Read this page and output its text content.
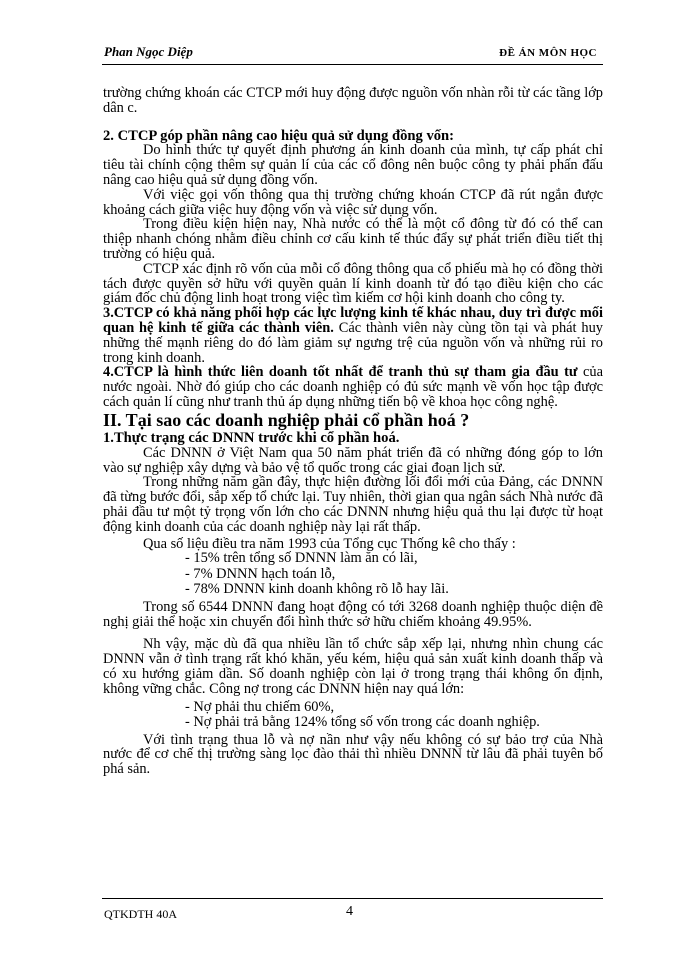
Phan Ngọc Diệp	ĐỀ ÁN MÔN HỌC

trường chứng khoán các CTCP mới huy động được nguồn vốn nhàn rỗi từ các tầng lớp dân c.

2. CTCP góp phần nâng cao hiệu quả sử dụng đồng vốn:

Do hình thức tự quyết định phương án kinh doanh của mình, tự cấp phát chỉ tiêu tài chính cộng thêm sự quản lí của các cổ đông nên buộc công ty phải phấn đấu nâng cao hiệu quả sử dụng đồng vốn.

Với việc gọi vốn thông qua thị trường chứng khoán CTCP đã rút ngắn được khoảng cách giữa việc huy động vốn và việc sử dụng vốn.

Trong điều kiện hiện nay, Nhà nước có thể là một cổ đông từ đó có thể can thiệp nhanh chóng nhằm điều chỉnh cơ cấu kinh tế thúc đẩy sự phát triển điều tiết thị trường có hiệu quả.

CTCP xác định rõ vốn của mỗi cổ đông thông qua cổ phiếu mà họ có đồng thời tách được quyền sở hữu với quyền quản lí kinh doanh từ đó tạo điều kiện cho các giám đốc chủ động linh hoạt trong việc tìm kiếm cơ hội kinh doanh cho công ty.

3.CTCP có khả năng phối hợp các lực lượng kinh tế khác nhau, duy trì được mối quan hệ kinh tế giữa các thành viên. Các thành viên này cùng tồn tại và phát huy những thế mạnh riêng do đó làm giảm sự ngưng trệ của nguồn vốn và những rủi ro trong kinh doanh.

4.CTCP là hình thức liên doanh tốt nhất để tranh thủ sự tham gia đầu tư của nước ngoài. Nhờ đó giúp cho các doanh nghiệp có đủ sức mạnh về vốn học tập được cách quản lí cũng như tranh thủ áp dụng những tiến bộ về khoa học công nghệ.

II. Tại sao các doanh nghiệp phải cổ phần hoá ?

1.Thực trạng các DNNN trước khi cổ phần hoá.

Các DNNN ở Việt Nam qua 50 năm phát triển đã có những đóng góp to lớn vào sự nghiệp xây dựng và bảo vệ tổ quốc trong các giai đoạn lịch sử.

Trong những năm gần đây, thực hiện đường lối đổi mới của Đảng, các DNNN đã từng bước đổi, sắp xếp tổ chức lại. Tuy nhiên, thời gian qua ngân sách Nhà nước đã phải đầu tư một tỷ trọng vốn lớn cho các DNNN nhưng hiệu quả thu lại được từ hoạt động kinh doanh của các doanh nghiệp này lại rất thấp.

Qua số liệu điều tra năm 1993 của Tổng cục Thống kê cho thấy :

- 15% trên tổng số DNNN làm ăn có lãi,

- 7% DNNN hạch toán lỗ,

- 78% DNNN kinh doanh không rõ lỗ hay lãi.

Trong số 6544 DNNN đang hoạt động có tới 3268 doanh nghiệp thuộc diện đề nghị giải thể hoặc xin chuyển đổi hình thức sở hữu chiếm khoảng 49.95%.

Nh vậy, mặc dù đã qua nhiều lần tổ chức sắp xếp lại, nhưng nhìn chung các DNNN vẫn ở tình trạng rất khó khăn, yếu kém, hiệu quả sản xuất kinh doanh thấp và có xu hướng giảm dần. Số doanh nghiệp còn lại ở trong trạng thái không ổn định, không vững chắc. Công nợ trong các DNNN hiện nay quá lớn:

- Nợ phải thu chiếm 60%,

- Nợ phải trả bằng 124% tổng số vốn trong các doanh nghiệp.

Với tình trạng thua lỗ và nợ nần như vậy nếu không có sự bảo trợ của Nhà nước để cơ chế thị trường sàng lọc đào thải thì nhiều DNNN từ lâu đã phải tuyên bố phá sản.

QTKDTH 40A	4
